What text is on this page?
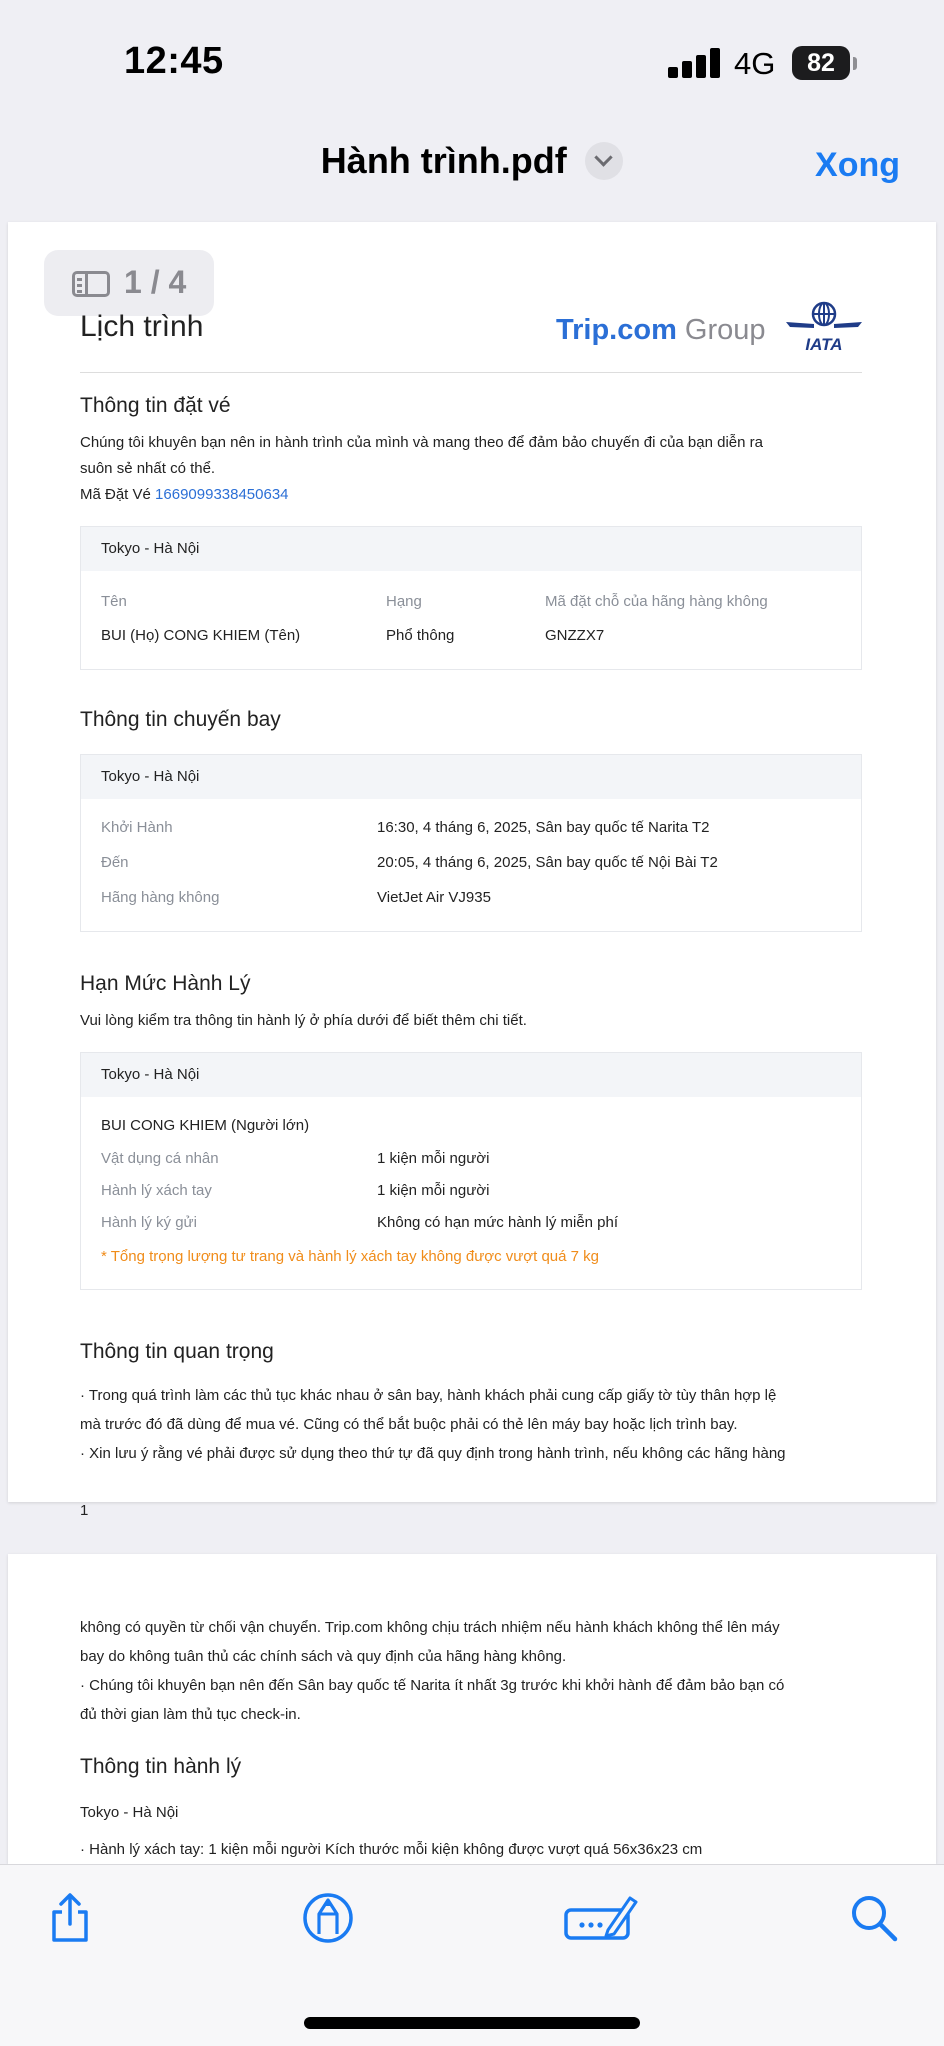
12:45	4G	82
Hành trình.pdf	Xong
1 / 4
Lịch trình	Trip.com Group IATA
Thông tin đặt vé
Chúng tôi khuyên bạn nên in hành trình của mình và mang theo để đảm bảo chuyến đi của bạn diễn ra
suôn sẻ nhất có thể.
Mã Đặt Vé 1669099338450634
Tokyo - Hà Nội
Tên	Hạng	Mã đặt chỗ của hãng hàng không
BUI (Họ) CONG KHIEM (Tên)	Phổ thông	GNZZX7
Thông tin chuyến bay
Tokyo - Hà Nội
Khởi Hành	16:30, 4 tháng 6, 2025, Sân bay quốc tế Narita T2
Đến	20:05, 4 tháng 6, 2025, Sân bay quốc tế Nội Bài T2
Hãng hàng không	VietJet Air VJ935
Hạn Mức Hành Lý
Vui lòng kiểm tra thông tin hành lý ở phía dưới để biết thêm chi tiết.
Tokyo - Hà Nội
BUI CONG KHIEM (Người lớn)
Vật dụng cá nhân	1 kiện mỗi người
Hành lý xách tay	1 kiện mỗi người
Hành lý ký gửi	Không có hạn mức hành lý miễn phí
* Tổng trọng lượng tư trang và hành lý xách tay không được vượt quá 7 kg
Thông tin quan trọng
· Trong quá trình làm các thủ tục khác nhau ở sân bay, hành khách phải cung cấp giấy tờ tùy thân hợp lệ
mà trước đó đã dùng để mua vé. Cũng có thể bắt buộc phải có thẻ lên máy bay hoặc lịch trình bay.
· Xin lưu ý rằng vé phải được sử dụng theo thứ tự đã quy định trong hành trình, nếu không các hãng hàng
1
không có quyền từ chối vận chuyển. Trip.com không chịu trách nhiệm nếu hành khách không thể lên máy
bay do không tuân thủ các chính sách và quy định của hãng hàng không.
· Chúng tôi khuyên bạn nên đến Sân bay quốc tế Narita ít nhất 3g trước khi khởi hành để đảm bảo bạn có
đủ thời gian làm thủ tục check-in.
Thông tin hành lý
Tokyo - Hà Nội
· Hành lý xách tay: 1 kiện mỗi người Kích thước mỗi kiện không được vượt quá 56x36x23 cm
